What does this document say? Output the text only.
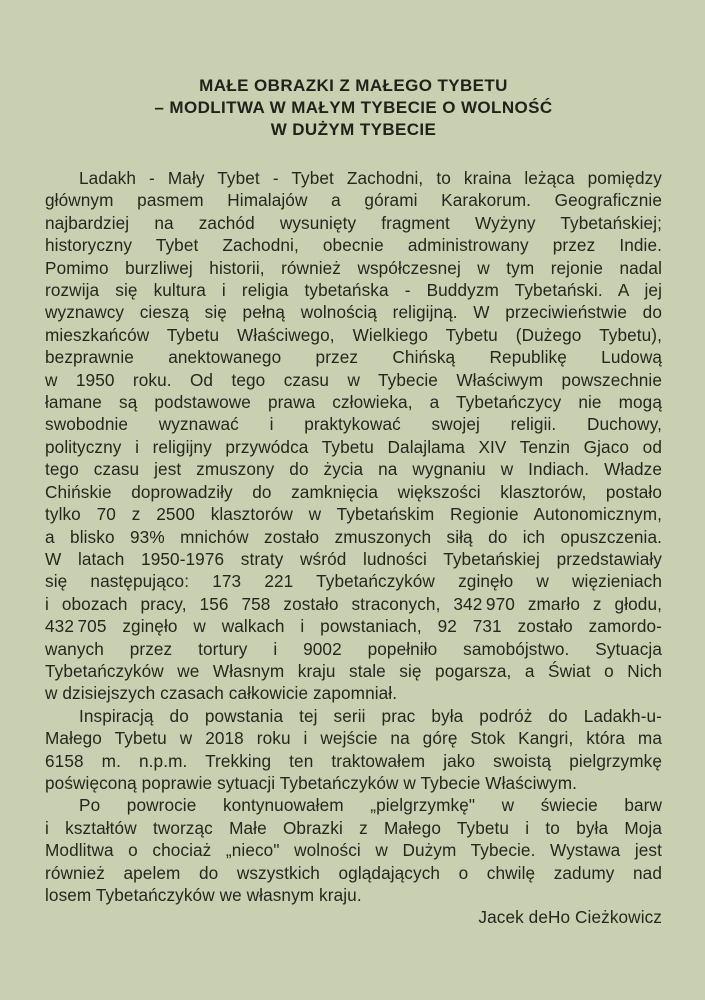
MAŁE OBRAZKI Z MAŁEGO TYBETU
– MODLITWA W MAŁYM TYBECIE O WOLNOŚĆ
W DUŻYM TYBECIE
Ladakh - Mały Tybet - Tybet Zachodni, to kraina leżąca pomiędzy
głównym pasmem Himalajów a górami Karakorum. Geograficznie
najbardziej na zachód wysunięty fragment Wyżyny Tybetańskiej;
historyczny Tybet Zachodni, obecnie administrowany przez Indie.
Pomimo burzliwej historii, również współczesnej w tym rejonie nadal
rozwija się kultura i religia tybetańska - Buddyzm Tybetański. A jej
wyznawcy cieszą się pełną wolnością religijną. W przeciwieństwie do
mieszkańców Tybetu Właściwego, Wielkiego Tybetu (Dużego Tybetu),
bezprawnie anektowanego przez Chińską Republikę Ludową
w 1950 roku. Od tego czasu w Tybecie Właściwym powszechnie
łamane są podstawowe prawa człowieka, a Tybetańczycy nie mogą
swobodnie wyznawać i praktykować swojej religii. Duchowy,
polityczny i religijny przywódca Tybetu Dalajlama XIV Tenzin Gjaco od
tego czasu jest zmuszony do życia na wygnaniu w Indiach. Władze
Chińskie doprowadziły do zamknięcia większości klasztorów, postało
tylko 70 z 2500 klasztorów w Tybetańskim Regionie Autonomicznym,
a blisko 93% mnichów zostało zmuszonych siłą do ich opuszczenia.
W latach 1950-1976 straty wśród ludności Tybetańskiej przedstawiały
się następująco: 173 221 Tybetańczyków zginęło w więzieniach
i obozach pracy, 156 758 zostało straconych, 342 970 zmarło z głodu,
432 705 zginęło w walkach i powstaniach, 92 731 zostało zamordo-
wanych przez tortury i 9002 popełniło samobójstwo. Sytuacja
Tybetańczyków we Własnym kraju stale się pogarsza, a Świat o Nich
w dzisiejszych czasach całkowicie zapomniał.
Inspiracją do powstania tej serii prac była podróż do Ladakh-u-
Małego Tybetu w 2018 roku i wejście na górę Stok Kangri, która ma
6158 m. n.p.m. Trekking ten traktowałem jako swoistą pielgrzymkę
poświęconą poprawie sytuacji Tybetańczyków w Tybecie Właściwym.
Po powrocie kontynuowałem „pielgrzymkę" w świecie barw
i kształtów tworząc Małe Obrazki z Małego Tybetu i to była Moja
Modlitwa o chociaż „nieco" wolności w Dużym Tybecie. Wystawa jest
również apelem do wszystkich oglądających o chwilę zadumy nad
losem Tybetańczyków we własnym kraju.
Jacek deHo Cieżkowicz
